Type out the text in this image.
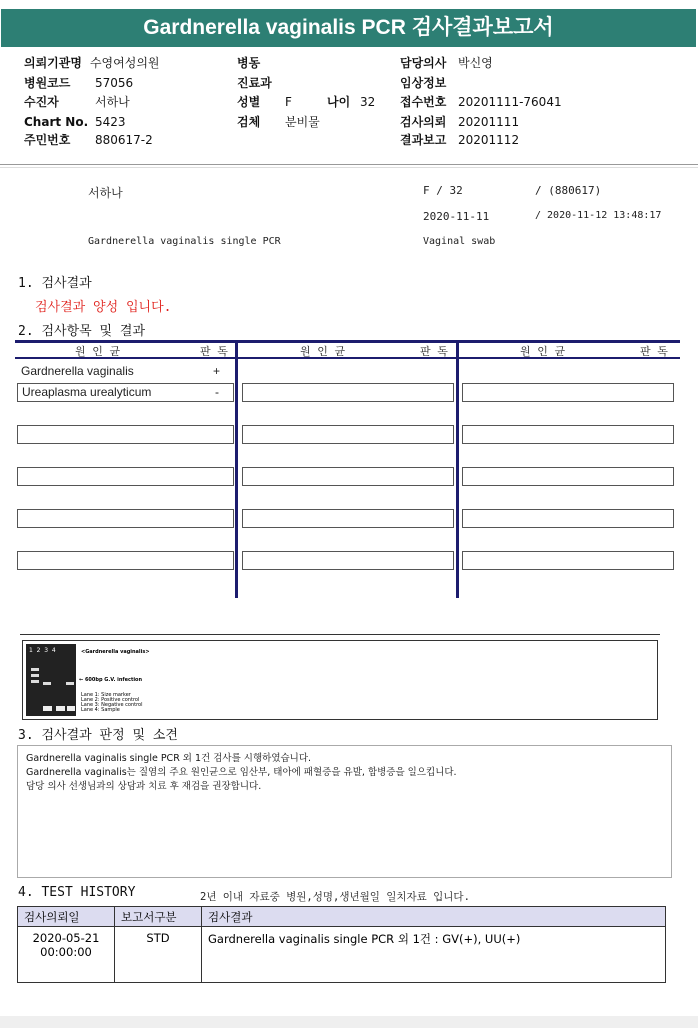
Gardnerella vaginalis PCR 검사결과보고서
의뢰기관명 수영여성의원
병원코드 57056
수진자	서하나
Chart No. 5423
주민번호 880617-2
병동
진료과
성별 F	나이 32
검체 분비물
담당의사 박신영
임상정보
접수번호 20201111-76041
검사의뢰 20201111
결과보고 20201112
서하나	F / 32	/ (880617)
2020-11-11	/ 2020-11-12 13:48:17
Gardnerella vaginalis single PCR	Vaginal swab
1. 검사결과
검사결과 양성 입니다.
2. 검사항목 및 결과
원 인 균	판 독	원 인 균	판 독	원 인 균	판 독
Gardnerella vaginalis	+
Ureaplasma urealyticum	-
1  2  3  4	<Gardnerella vaginalis>
← 600bp G.V. infection
Lane 1: Size marker
Lane 2: Positive control
Lane 3: Negative control
Lane 4: Sample
3. 검사결과 판정 및 소견
Gardnerella vaginalis single PCR 외 1건 검사를 시행하였습니다.
Gardnerella vaginalis는 질염의 주요 원인균으로 임산부, 태아에 패혈증을 유발, 합병증을 일으킵니다.
담당 의사 선생님과의 상담과 치료 후 재검을 권장합니다.
4. TEST HISTORY	2년 이내 자료중 병원,성명,생년월일 일치자료 입니다.
검사의뢰일	보고서구분	검사결과

2020-05-21
00:00:00	STD	Gardnerella vaginalis single PCR 외 1건 : GV(+), UU(+)
